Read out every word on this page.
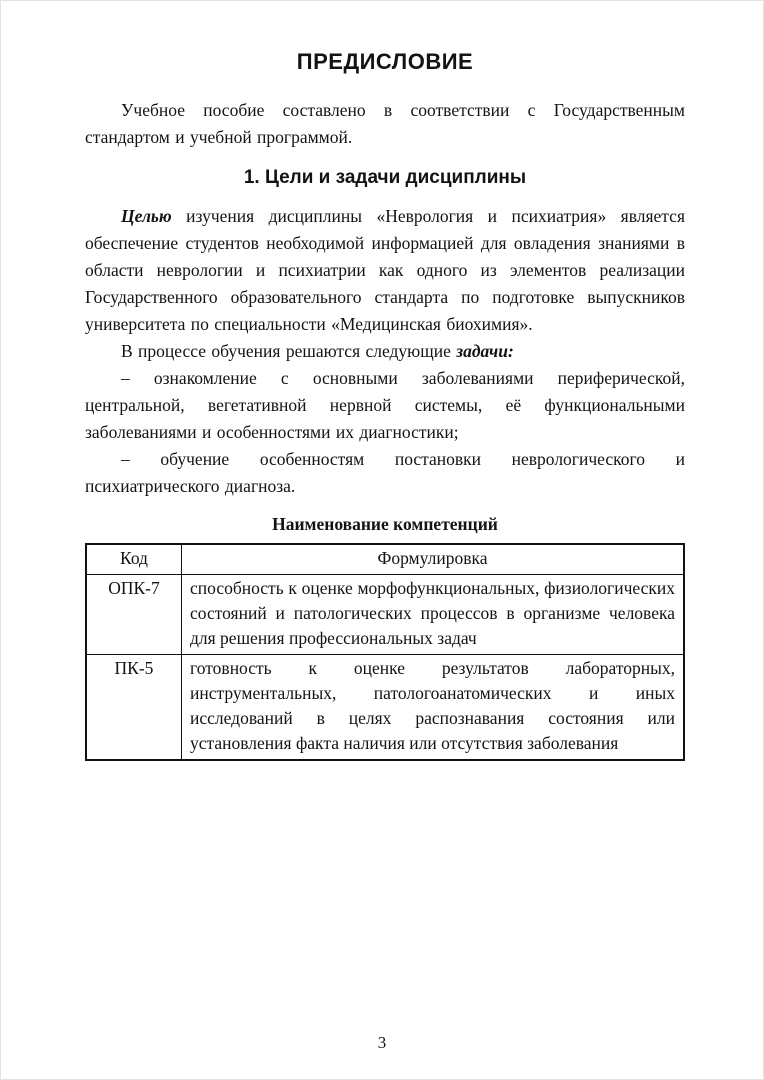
ПРЕДИСЛОВИЕ

Учебное пособие составлено в соответствии с Государственным стандартом и учебной программой.

1. Цели и задачи дисциплины

Целью изучения дисциплины «Неврология и психиатрия» является обеспечение студентов необходимой информацией для овладения знаниями в области неврологии и психиатрии как одного из элементов реализации Государственного образовательного стандарта по подготовке выпускников университета по специальности «Медицинская биохимия».

В процессе обучения решаются следующие задачи:

– ознакомление с основными заболеваниями периферической, центральной, вегетативной нервной системы, её функциональными заболеваниями и особенностями их диагностики;

– обучение особенностям постановки неврологического и психиатрического диагноза.

Наименование компетенций
Код	Формулировка
ОПК-7	способность к оценке морфофункциональных, физиологических состояний и патологических процессов в организме человека для решения профессиональных задач
ПК-5	готовность к оценке результатов лабораторных, инструментальных, патологоанатомических и иных исследований в целях распознавания состояния или установления факта наличия или отсутствия заболевания
3
